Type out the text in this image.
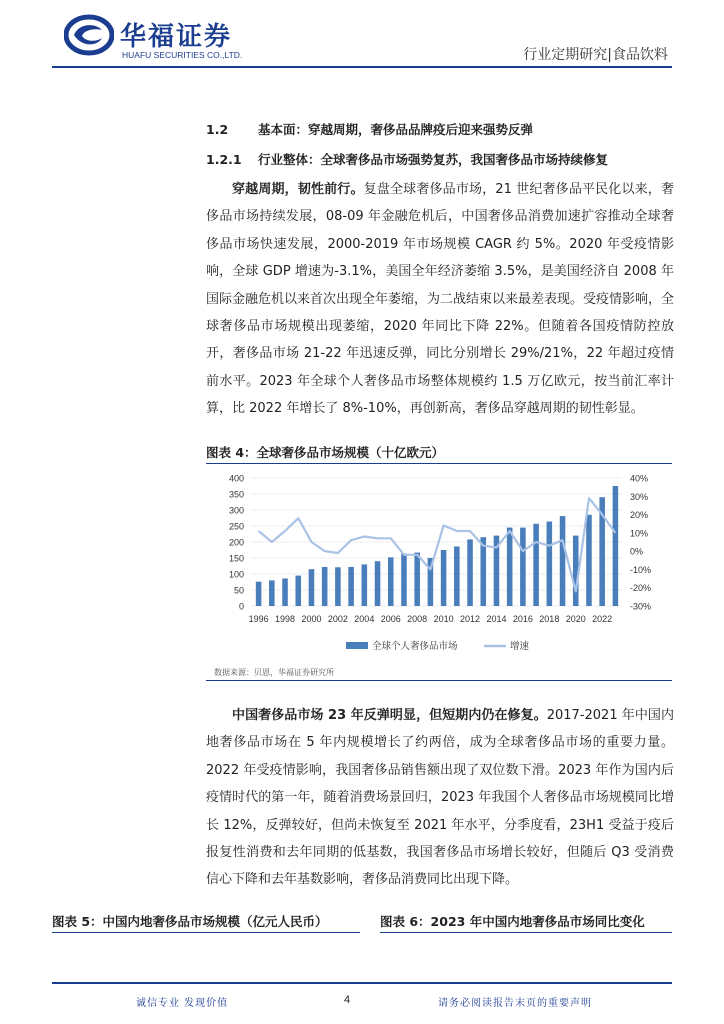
华福证券
HUAFU SECURITIES CO.,LTD.	行业定期研究|食品饮料
1.2 基本面：穿越周期，奢侈品品牌疫后迎来强势反弹
1.2.1 行业整体：全球奢侈品市场强势复苏，我国奢侈品市场持续修复
穿越周期，韧性前行。复盘全球奢侈品市场，21 世纪奢侈品平民化以来，奢侈品市场持续发展，08-09 年金融危机后，中国奢侈品消费加速扩容推动全球奢侈品市场快速发展，2000-2019 年市场规模 CAGR 约 5%。2020 年受疫情影响，全球 GDP 增速为-3.1%，美国全年经济萎缩 3.5%，是美国经济自 2008 年国际金融危机以来首次出现全年萎缩，为二战结束以来最差表现。受疫情影响，全球奢侈品市场规模出现萎缩，2020 年同比下降 22%。但随着各国疫情防控放开，奢侈品市场 21-22 年迅速反弹，同比分别增长 29%/21%，22 年超过疫情前水平。2023 年全球个人奢侈品市场整体规模约 1.5 万亿欧元，按当前汇率计算，比 2022 年增长了 8%-10%，再创新高，奢侈品穿越周期的韧性彰显。
图表 4：全球奢侈品市场规模（十亿欧元）
0
50
100
150
200
250
300
350
400
-30%
-20%
-10%
0%
10%
20%
30%
40%
1996 1998 2000 2002 2004 2006 2008 2010 2012 2014 2016 2018 2020 2022
全球个人奢侈品市场	增速
数据来源：贝恩，华福证券研究所
中国奢侈品市场 23 年反弹明显，但短期内仍在修复。2017-2021 年中国内地奢侈品市场在 5 年内规模增长了约两倍，成为全球奢侈品市场的重要力量。2022 年受疫情影响，我国奢侈品销售额出现了双位数下滑。2023 年作为国内后疫情时代的第一年，随着消费场景回归，2023 年我国个人奢侈品市场规模同比增长 12%，反弹较好，但尚未恢复至 2021 年水平，分季度看，23H1 受益于疫后报复性消费和去年同期的低基数，我国奢侈品市场增长较好，但随后 Q3 受消费信心下降和去年基数影响，奢侈品消费同比出现下降。
图表 5：中国内地奢侈品市场规模（亿元人民币）	图表 6：2023 年中国内地奢侈品市场同比变化
诚信专业 发现价值	4	请务必阅读报告末页的重要声明
